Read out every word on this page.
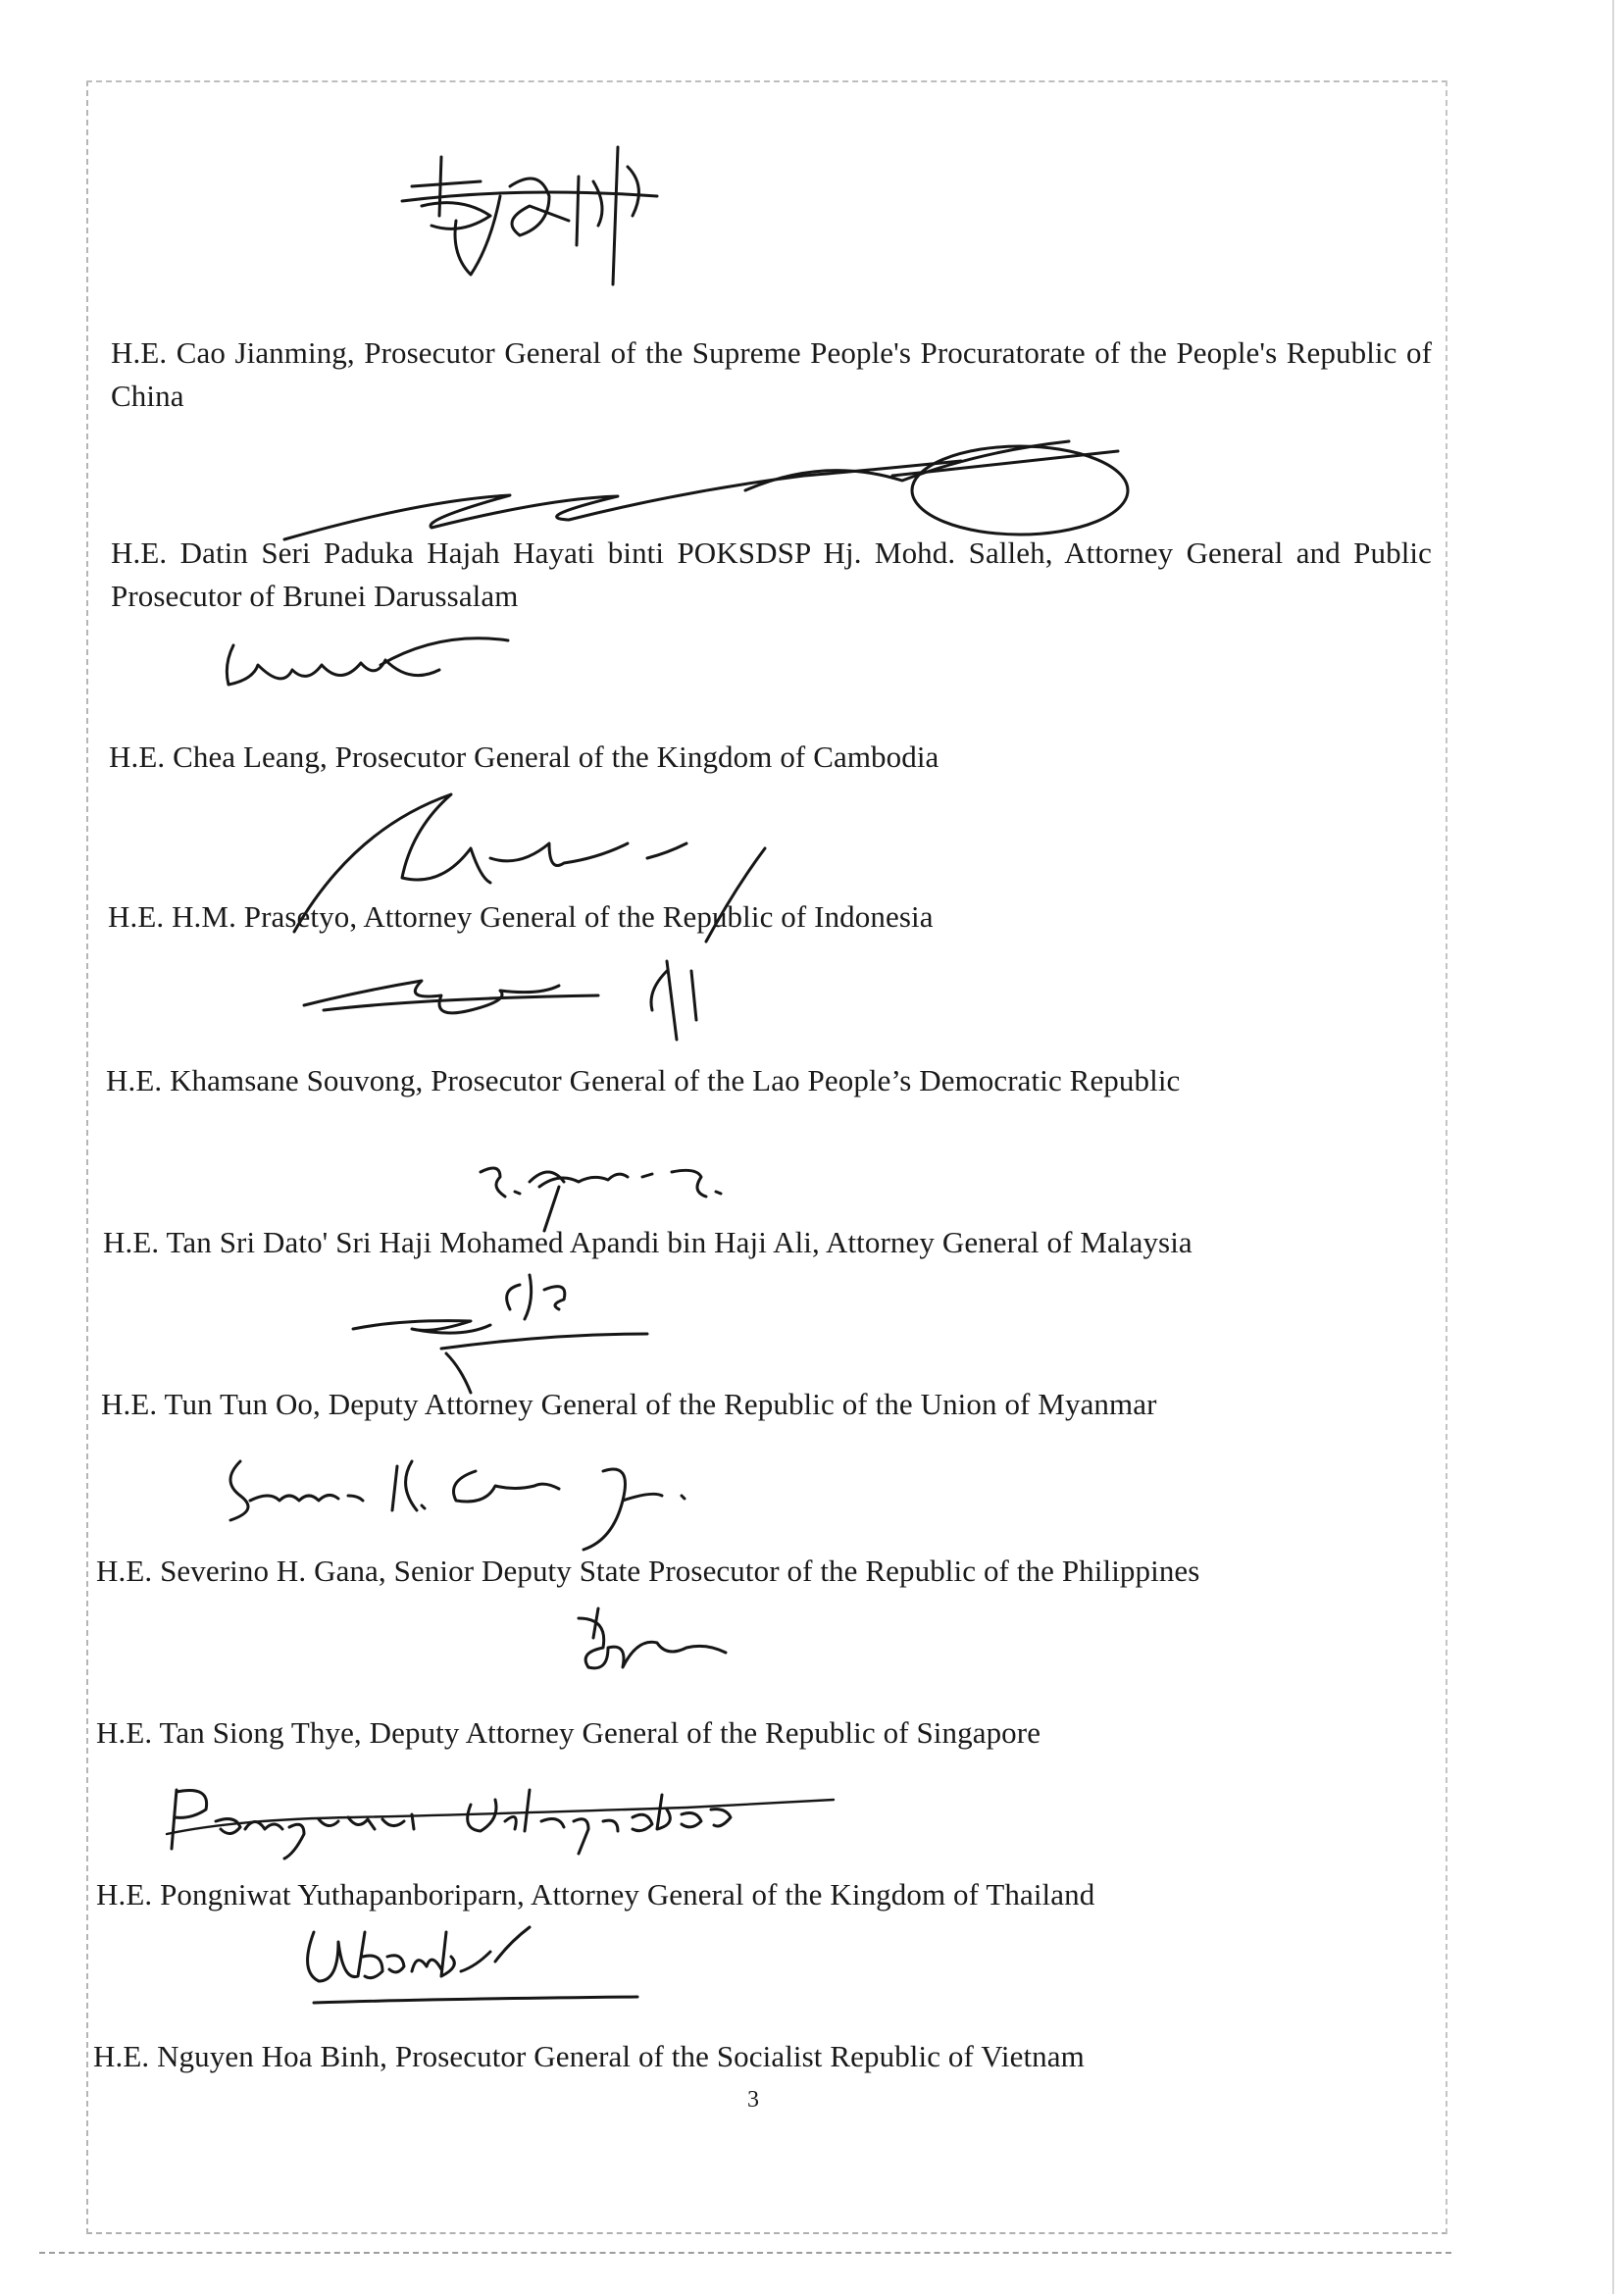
H.E. Cao Jianming, Prosecutor General of the Supreme People's Procuratorate of the People's Republic of China
H.E. Datin Seri Paduka Hajah Hayati binti POKSDSP Hj. Mohd. Salleh, Attorney General and Public Prosecutor of Brunei Darussalam
H.E. Chea Leang, Prosecutor General of the Kingdom of Cambodia
H.E. H.M. Prasetyo, Attorney General of the Republic of Indonesia
H.E. Khamsane Souvong, Prosecutor General of the Lao People’s Democratic Republic
H.E. Tan Sri Dato' Sri Haji Mohamed Apandi bin Haji Ali, Attorney General of Malaysia
H.E. Tun Tun Oo, Deputy Attorney General of the Republic of the Union of Myanmar
H.E. Severino H. Gana, Senior Deputy State Prosecutor of the Republic of the Philippines
H.E. Tan Siong Thye, Deputy Attorney General of the Republic of Singapore
H.E. Pongniwat Yuthapanboriparn, Attorney General of the Kingdom of Thailand
H.E. Nguyen Hoa Binh, Prosecutor General of the Socialist Republic of Vietnam
3
